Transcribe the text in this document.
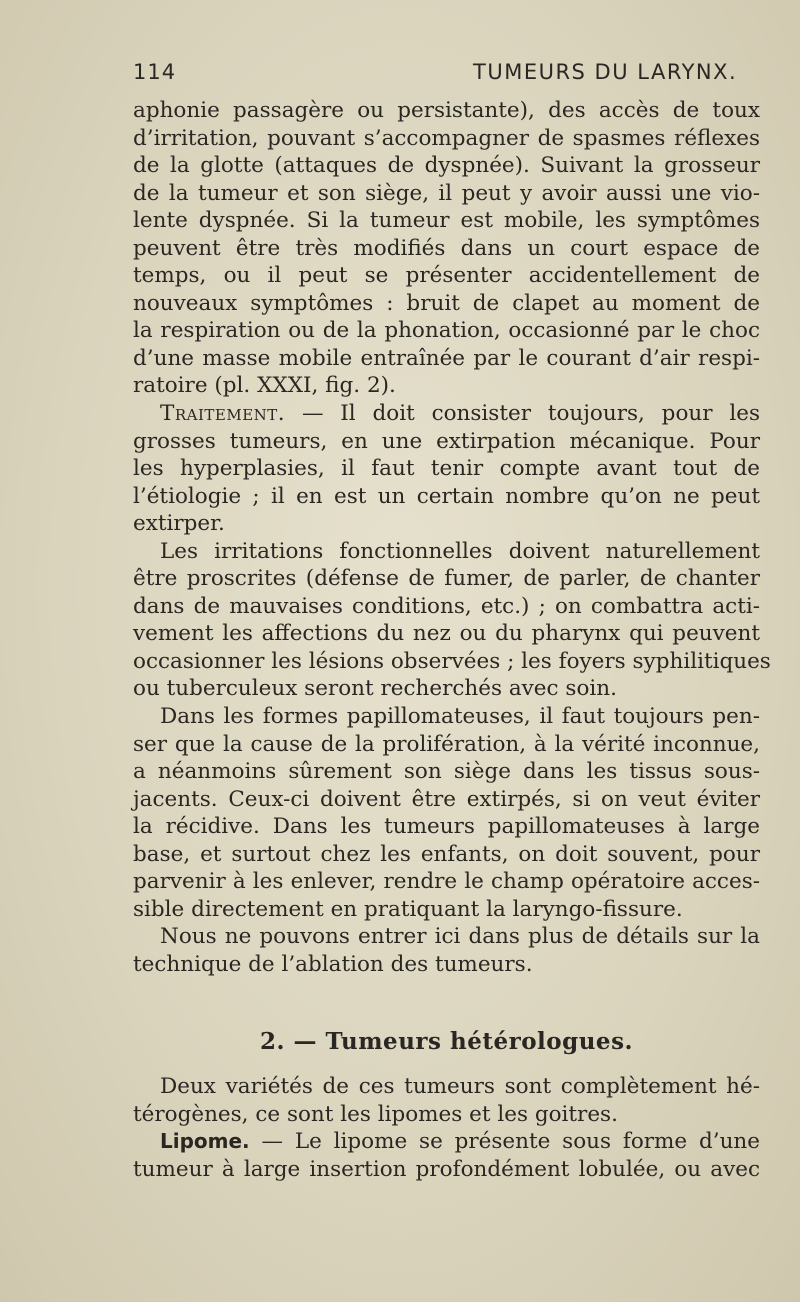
114	TUMEURS DU LARYNX.
aphonie passagère ou persistante), des accès de toux
d’irritation, pouvant s’accompagner de spasmes réflexes
de la glotte (attaques de dyspnée). Suivant la grosseur
de la tumeur et son siège, il peut y avoir aussi une vio-
lente dyspnée. Si la tumeur est mobile, les symptômes
peuvent être très modifiés dans un court espace de
temps, ou il peut se présenter accidentellement de
nouveaux symptômes : bruit de clapet au moment de
la respiration ou de la phonation, occasionné par le choc
d’une masse mobile entraînée par le courant d’air respi-
ratoire (pl. XXXI, fig. 2).
Traitement. — Il doit consister toujours, pour les
grosses tumeurs, en une extirpation mécanique. Pour
les hyperplasies, il faut tenir compte avant tout de
l’étiologie ; il en est un certain nombre qu’on ne peut
extirper.
Les irritations fonctionnelles doivent naturellement
être proscrites (défense de fumer, de parler, de chanter
dans de mauvaises conditions, etc.) ; on combattra acti-
vement les affections du nez ou du pharynx qui peuvent
occasionner les lésions observées ; les foyers syphilitiques
ou tuberculeux seront recherchés avec soin.
Dans les formes papillomateuses, il faut toujours pen-
ser que la cause de la prolifération, à la vérité inconnue,
a néanmoins sûrement son siège dans les tissus sous-
jacents. Ceux-ci doivent être extirpés, si on veut éviter
la récidive. Dans les tumeurs papillomateuses à large
base, et surtout chez les enfants, on doit souvent, pour
parvenir à les enlever, rendre le champ opératoire acces-
sible directement en pratiquant la laryngo-fissure.
Nous ne pouvons entrer ici dans plus de détails sur la
technique de l’ablation des tumeurs.
2. — Tumeurs hétérologues.
Deux variétés de ces tumeurs sont complètement hé-
térogènes, ce sont les lipomes et les goitres.
Lipome. — Le lipome se présente sous forme d’une
tumeur à large insertion profondément lobulée, ou avec
